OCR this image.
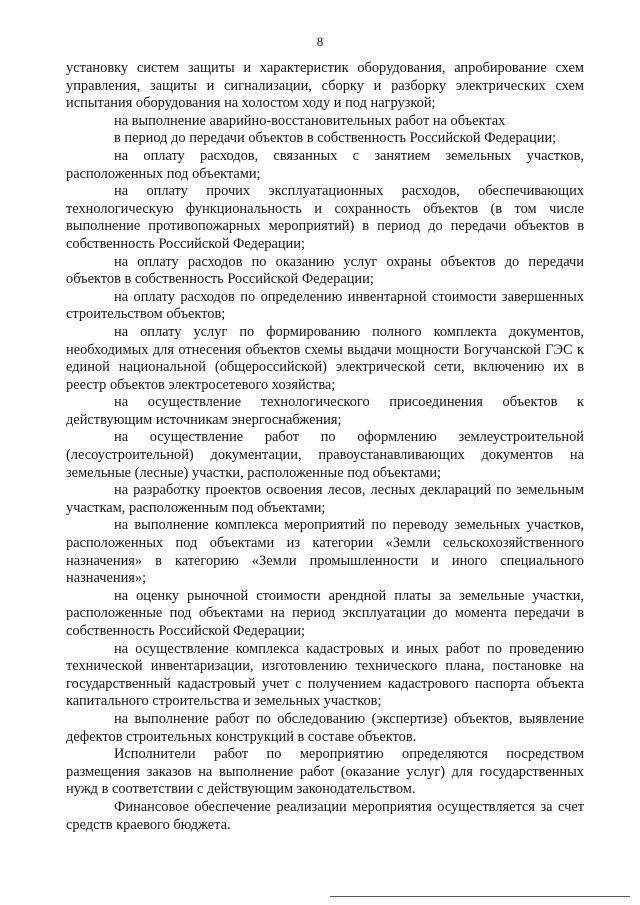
8

установку систем защиты и характеристик оборудования, апробирование схем управления, защиты и сигнализации, сборку и разборку электрических схем испытания оборудования на холостом ходу и под нагрузкой;

на выполнение аварийно-восстановительных работ на объектах

в период до передачи объектов в собственность Российской Федерации;

на оплату расходов, связанных с занятием земельных участков, расположенных под объектами;

на оплату прочих эксплуатационных расходов, обеспечивающих технологическую функциональность и сохранность объектов (в том числе выполнение противопожарных мероприятий) в период до передачи объектов в собственность Российской Федерации;

на оплату расходов по оказанию услуг охраны объектов до передачи объектов в собственность Российской Федерации;

на оплату расходов по определению инвентарной стоимости завершенных строительством объектов;

на оплату услуг по формированию полного комплекта документов, необходимых для отнесения объектов схемы выдачи мощности Богучанской ГЭС к единой национальной (общероссийской) электрической сети, включению их в реестр объектов электросетевого хозяйства;

на осуществление технологического присоединения объектов к действующим источникам энергоснабжения;

на осуществление работ по оформлению землеустроительной (лесоустроительной) документации, правоустанавливающих документов на земельные (лесные) участки, расположенные под объектами;

на разработку проектов освоения лесов, лесных деклараций по земельным участкам, расположенным под объектами;

на выполнение комплекса мероприятий по переводу земельных участков, расположенных под объектами из категории «Земли сельскохозяйственного назначения» в категорию «Земли промышленности и иного специального назначения»;

на оценку рыночной стоимости арендной платы за земельные участки, расположенные под объектами на период эксплуатации до момента передачи в собственность Российской Федерации;

на осуществление комплекса кадастровых и иных работ по проведению технической инвентаризации, изготовлению технического плана, постановке на государственный кадастровый учет с получением кадастрового паспорта объекта капитального строительства и земельных участков;

на выполнение работ по обследованию (экспертизе) объектов, выявление дефектов строительных конструкций в составе объектов.

Исполнители работ по мероприятию определяются посредством размещения заказов на выполнение работ (оказание услуг) для государственных нужд в соответствии с действующим законодательством.

Финансовое обеспечение реализации мероприятия осуществляется за счет средств краевого бюджета.
